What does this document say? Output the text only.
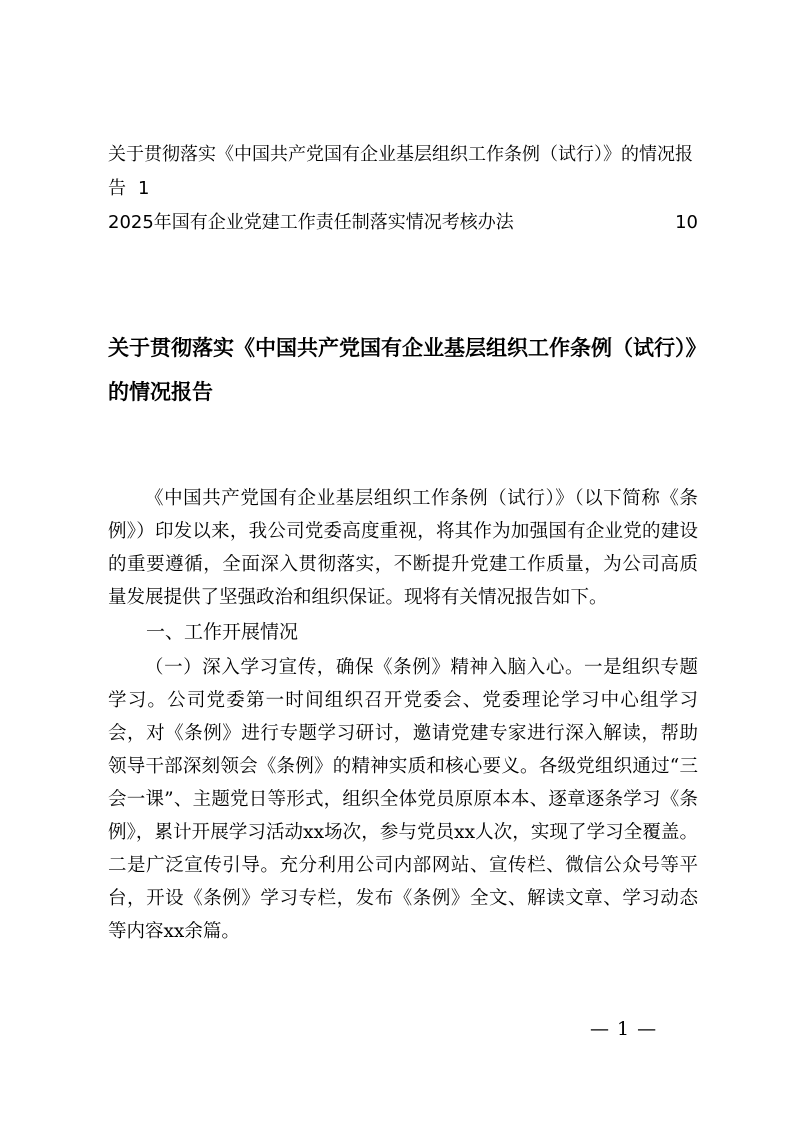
关于贯彻落实《中国共产党国有企业基层组织工作条例（试行）》的情况报告 1
2025年国有企业党建工作责任制落实情况考核办法	10
关于贯彻落实《中国共产党国有企业基层组织工作条例（试行）》的情况报告

《中国共产党国有企业基层组织工作条例（试行）》（以下简称《条例》）印发以来，我公司党委高度重视，将其作为加强国有企业党的建设的重要遵循，全面深入贯彻落实，不断提升党建工作质量，为公司高质量发展提供了坚强政治和组织保证。现将有关情况报告如下。

一、工作开展情况

（一）深入学习宣传，确保《条例》精神入脑入心。一是组织专题学习。公司党委第一时间组织召开党委会、党委理论学习中心组学习会，对《条例》进行专题学习研讨，邀请党建专家进行深入解读，帮助领导干部深刻领会《条例》的精神实质和核心要义。各级党组织通过“三会一课”、主题党日等形式，组织全体党员原原本本、逐章逐条学习《条例》，累计开展学习活动xx场次，参与党员xx人次，实现了学习全覆盖。二是广泛宣传引导。充分利用公司内部网站、宣传栏、微信公众号等平台，开设《条例》学习专栏，发布《条例》全文、解读文章、学习动态等内容xx余篇。

— 1 —
